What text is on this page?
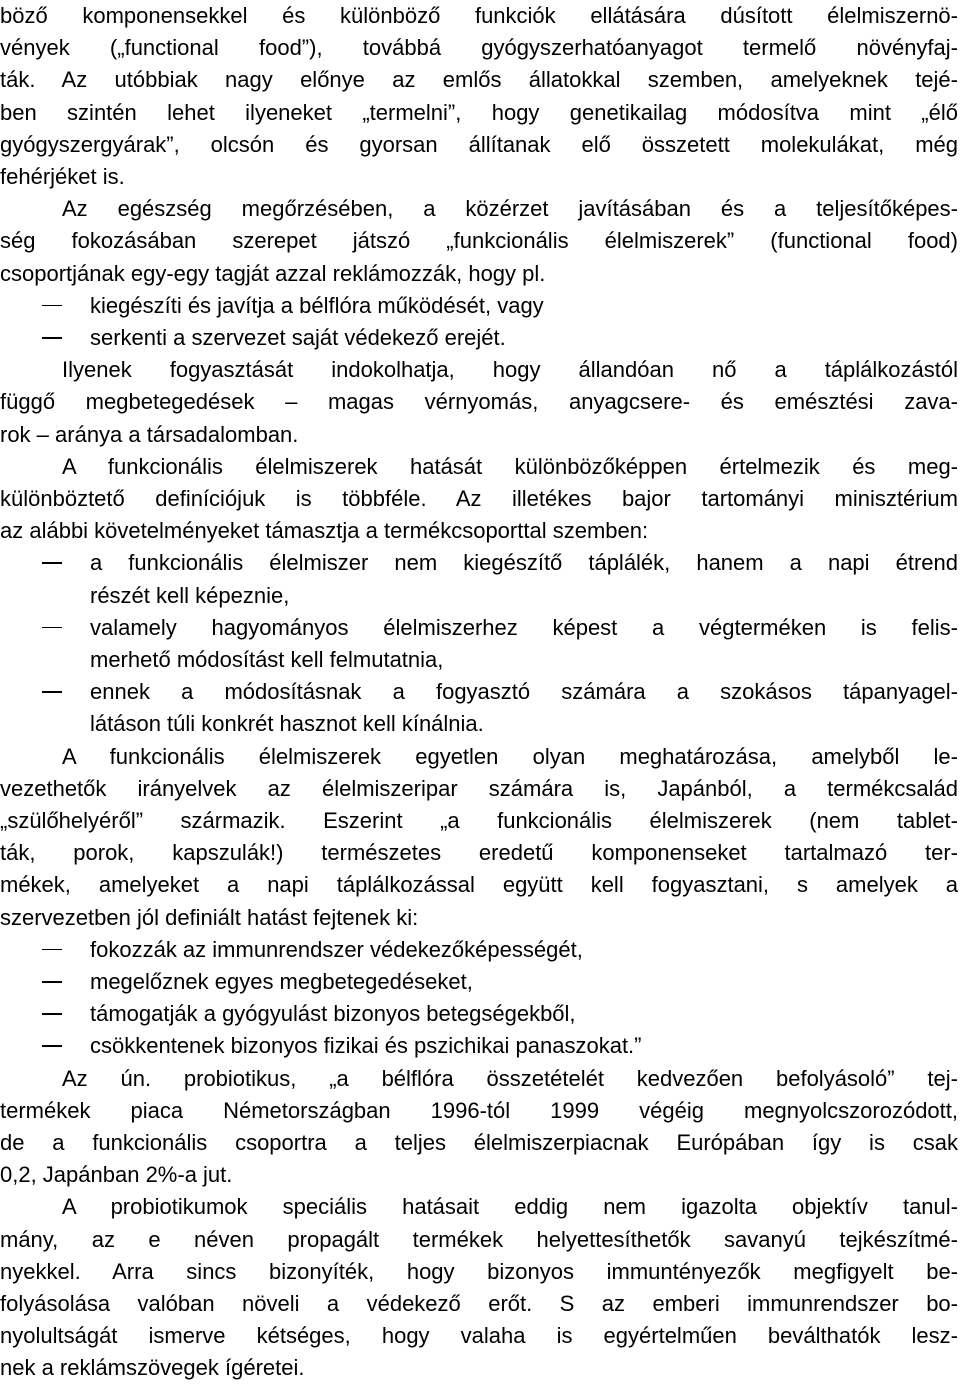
böző komponensekkel és különböző funkciók ellátására dúsított élelmiszernö-
vények („functional food”), továbbá gyógyszerhatóanyagot termelő növényfaj-
ták. Az utóbbiak nagy előnye az emlős állatokkal szemben, amelyeknek tejé-
ben szintén lehet ilyeneket „termelni”, hogy genetikailag módosítva mint „élő
gyógyszergyárak”, olcsón és gyorsan állítanak elő összetett molekulákat, még
fehérjéket is.
Az egészség megőrzésében, a közérzet javításában és a teljesítőképes-
ség fokozásában szerepet játszó „funkcionális élelmiszerek” (functional food)
csoportjának egy-egy tagját azzal reklámozzák, hogy pl.
kiegészíti és javítja a bélflóra működését, vagy
serkenti a szervezet saját védekező erejét.
Ilyenek fogyasztását indokolhatja, hogy állandóan nő a táplálkozástól
függő megbetegedések – magas vérnyomás, anyagcsere- és emésztési zava-
rok – aránya a társadalomban.
A funkcionális élelmiszerek hatását különbözőképpen értelmezik és meg-
különböztető definíciójuk is többféle. Az illetékes bajor tartományi minisztérium
az alábbi követelményeket támasztja a termékcsoporttal szemben:
a funkcionális élelmiszer nem kiegészítő táplálék, hanem a napi étrend
részét kell képeznie,
valamely hagyományos élelmiszerhez képest a végterméken is felis-
merhető módosítást kell felmutatnia,
ennek a módosításnak a fogyasztó számára a szokásos tápanyagel-
látáson túli konkrét hasznot kell kínálnia.
A funkcionális élelmiszerek egyetlen olyan meghatározása, amelyből le-
vezethetők irányelvek az élelmiszeripar számára is, Japánból, a termékcsalád
„szülőhelyéről” származik. Eszerint „a funkcionális élelmiszerek (nem tablet-
ták, porok, kapszulák!) természetes eredetű komponenseket tartalmazó ter-
mékek, amelyeket a napi táplálkozással együtt kell fogyasztani, s amelyek a
szervezetben jól definiált hatást fejtenek ki:
fokozzák az immunrendszer védekezőképességét,
megelőznek egyes megbetegedéseket,
támogatják a gyógyulást bizonyos betegségekből,
csökkentenek bizonyos fizikai és pszichikai panaszokat.”
Az ún. probiotikus, „a bélflóra összetételét kedvezően befolyásoló” tej-
termékek piaca Németországban 1996-tól 1999 végéig megnyolcszorozódott,
de a funkcionális csoportra a teljes élelmiszerpiacnak Európában így is csak
0,2, Japánban 2%-a jut.
A probiotikumok speciális hatásait eddig nem igazolta objektív tanul-
mány, az e néven propagált termékek helyettesíthetők savanyú tejkészítmé-
nyekkel. Arra sincs bizonyíték, hogy bizonyos immuntényezők megfigyelt be-
folyásolása valóban növeli a védekező erőt. S az emberi immunrendszer bo-
nyolultságát ismerve kétséges, hogy valaha is egyértelműen beválthatók lesz-
nek a reklámszövegek ígéretei.
